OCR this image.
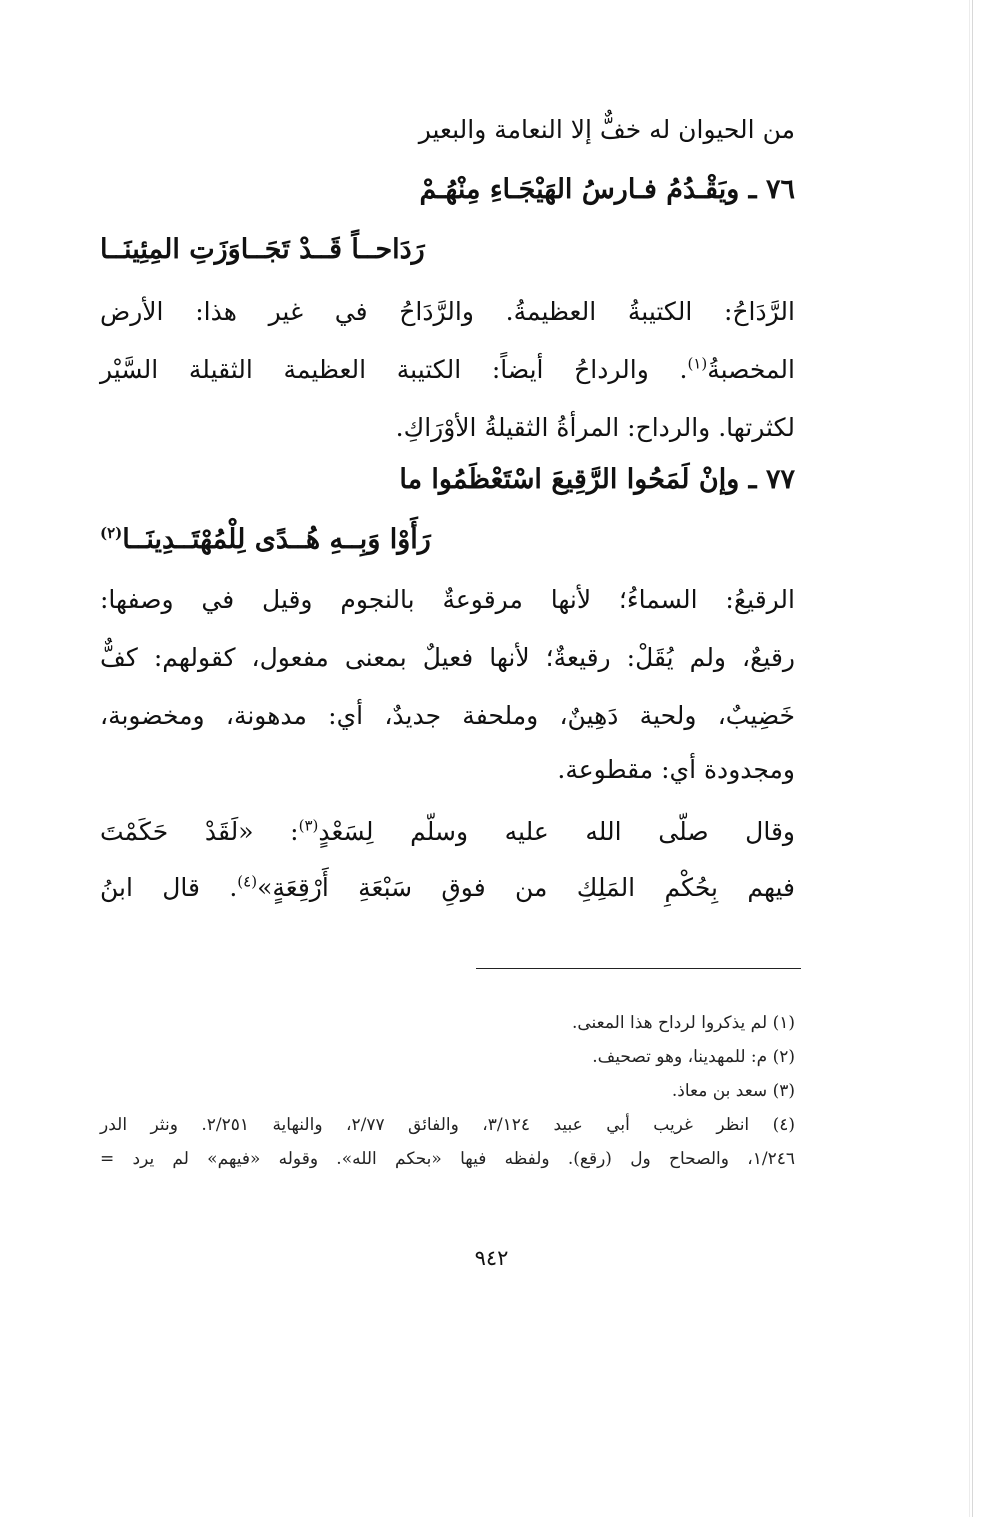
من الحيوان له خفٌّ إلا النعامة والبعير
٧٦ ـ ويَقْـدُمُ فـارسُ الهَيْجَـاءِ مِنْهُـمْ
رَدَاحــاً قَــدْ تَجَــاوَزَتِ المِئِينَــا
الرَّدَاحُ: الكتيبةُ العظيمةُ. والرَّدَاحُ في غير هذا: الأرض
المخصبةُ$^{(١)}$. والرداحُ أيضاً: الكتيبة العظيمة الثقيلة السَّيْر
لكثرتها. والرداح: المرأةُ الثقيلةُ الأوْرَاكِ.
٧٧ ـ وإنْ لَمَحُوا الرَّقِيعَ اسْتَعْظَمُوا ما
رَأَوْا وَبِــهِ هُــدًى لِلْمُهْتَــدِينَــا$^{(٢)}$
الرقيعُ: السماءُ؛ لأنها مرقوعةٌ بالنجوم وقيل في وصفها:
رقيعٌ، ولم يُقَلْ: رقيعةٌ؛ لأنها فعيلٌ بمعنى مفعول، كقولهم: كفٌّ
خَضِيبٌ، ولحية دَهِينٌ، وملحفة جديدٌ، أي: مدهونة، ومخضوبة،
ومجدودة أي: مقطوعة.
وقال صلّى الله عليه وسلّم لِسَعْدٍ$^{(٣)}$: «لَقَدْ حَكَمْتَ
فيهم بِحُكْمِ المَلِكِ من فوقِ سَبْعَةِ أَرْقِعَةٍ»$^{(٤)}$. قال ابنُ
(١) لم يذكروا لرداح هذا المعنى.
(٢) م: للمهدينا، وهو تصحيف.
(٣) سعد بن معاذ.
(٤) انظر غريب أبي عبيد ٣/١٢٤، والفائق ٢/٧٧، والنهاية ٢/٢٥١. ونثر الدر
١/٢٤٦، والصحاح ول (رقع). ولفظه فيها «بحكم الله». وقوله «فيهم» لم يرد =
٩٤٢
